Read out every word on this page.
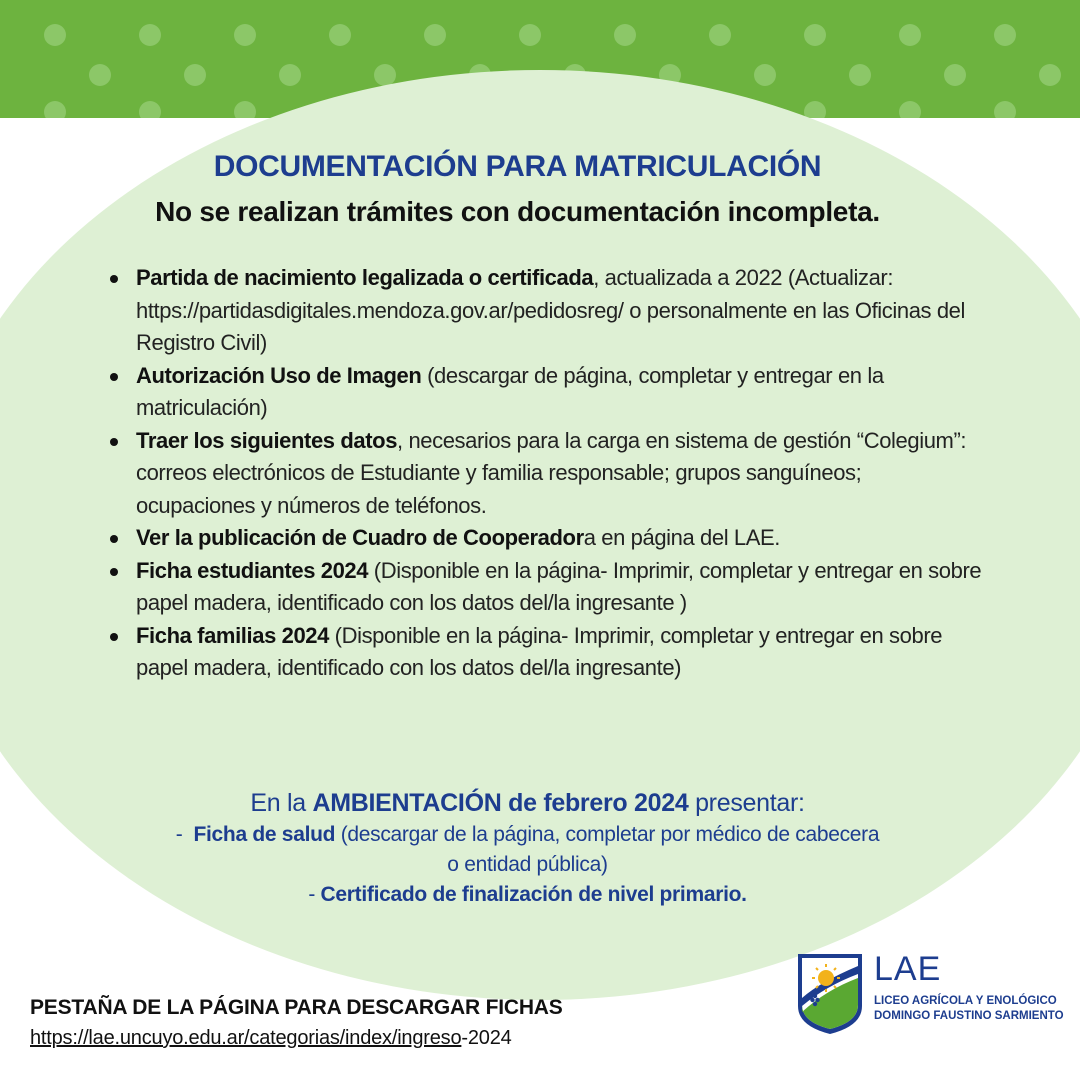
DOCUMENTACIÓN PARA MATRICULACIÓN
No se realizan trámites con documentación incompleta.
Partida de nacimiento legalizada o certificada, actualizada a 2022 (Actualizar: https://partidasdigitales.mendoza.gov.ar/pedidosreg/ o personalmente en las Oficinas del Registro Civil)
Autorización Uso de Imagen (descargar de página, completar y entregar en la matriculación)
Traer los siguientes datos, necesarios para la carga en sistema de gestión “Colegium”: correos electrónicos de Estudiante y familia responsable; grupos sanguíneos; ocupaciones y números de teléfonos.
Ver la publicación de Cuadro de Cooperadora en página del LAE.
Ficha estudiantes 2024 (Disponible en la página- Imprimir, completar y entregar en sobre papel madera, identificado con los datos del/la ingresante )
Ficha familias 2024 (Disponible en la página- Imprimir, completar y entregar en sobre papel madera, identificado con los datos del/la ingresante)
En la AMBIENTACIÓN de febrero 2024 presentar:
-  Ficha de salud (descargar de la página, completar por médico de cabecera
o entidad pública)
- Certificado de finalización de nivel primario.
PESTAÑA DE LA PÁGINA PARA DESCARGAR FICHAS
https://lae.uncuyo.edu.ar/categorias/index/ingreso-2024
LAE
LICEO AGRÍCOLA Y ENOLÓGICO
DOMINGO FAUSTINO SARMIENTO
